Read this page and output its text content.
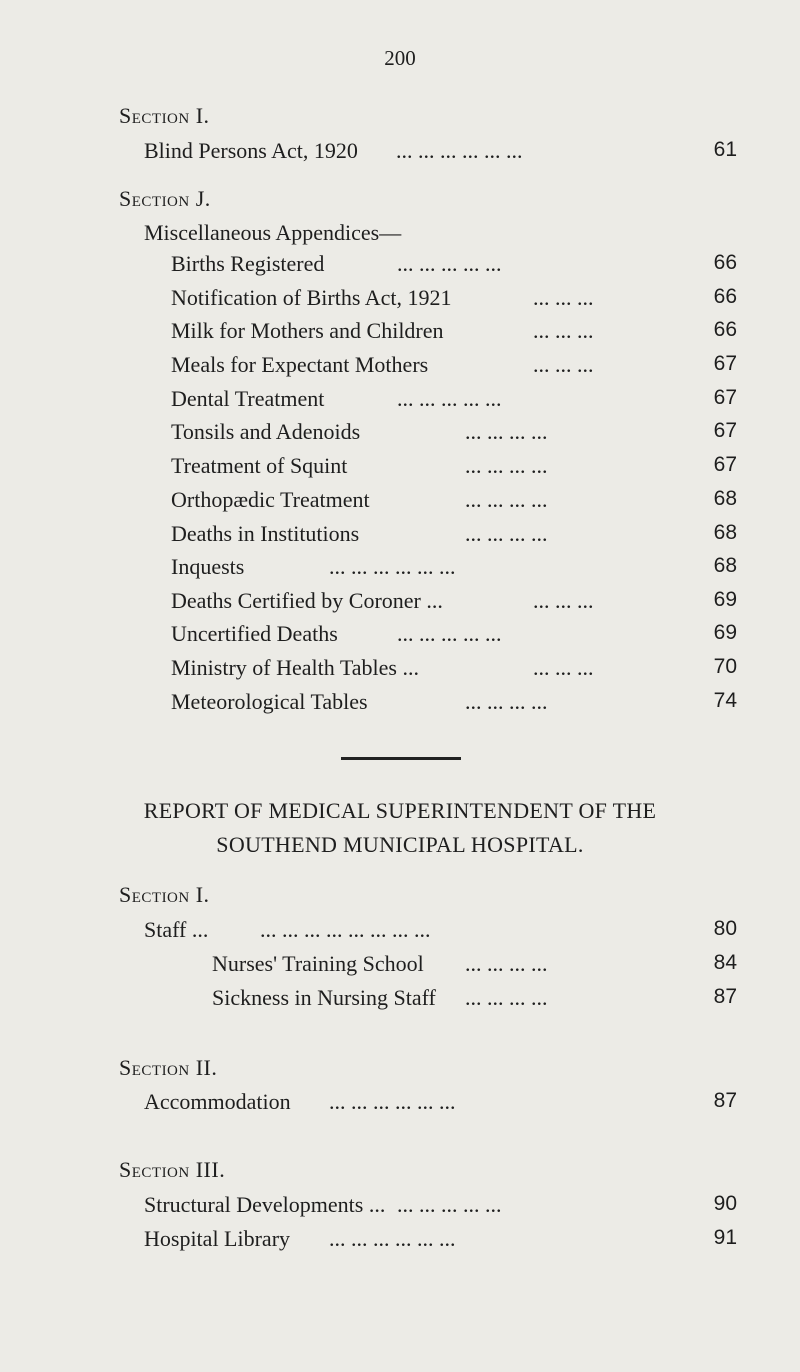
200
Section I.
Blind Persons Act, 1920 ... ... ... ... ... ...	61
Section J.
Miscellaneous Appendices—
Births Registered	... ... ... ... ...	66
Notification of Births Act, 1921	... ... ...	66
Milk for Mothers and Children	... ... ...	66
Meals for Expectant Mothers	... ... ...	67
Dental Treatment	... ... ... ... ...	67
Tonsils and Adenoids	... ... ... ...	67
Treatment of Squint	... ... ... ...	67
Orthopædic Treatment	... ... ... ...	68
Deaths in Institutions	... ... ... ...	68
Inquests	... ... ... ... ... ...	68
Deaths Certified by Coroner ...	... ... ...	69
Uncertified Deaths	... ... ... ... ...	69
Ministry of Health Tables ...	... ... ...	70
Meteorological Tables	... ... ... ...	74
REPORT OF MEDICAL SUPERINTENDENT OF THE
SOUTHEND MUNICIPAL HOSPITAL.
Section I.
Staff ... ... ... ... ... ... ... ... ...	80
Nurses' Training School ... ... ... ...	84
Sickness in Nursing Staff ... ... ... ...	87
Section II.
Accommodation ... ... ... ... ... ...	87
Section III.
Structural Developments ... ... ... ... ... ...	90
Hospital Library ... ... ... ... ... ...	91
